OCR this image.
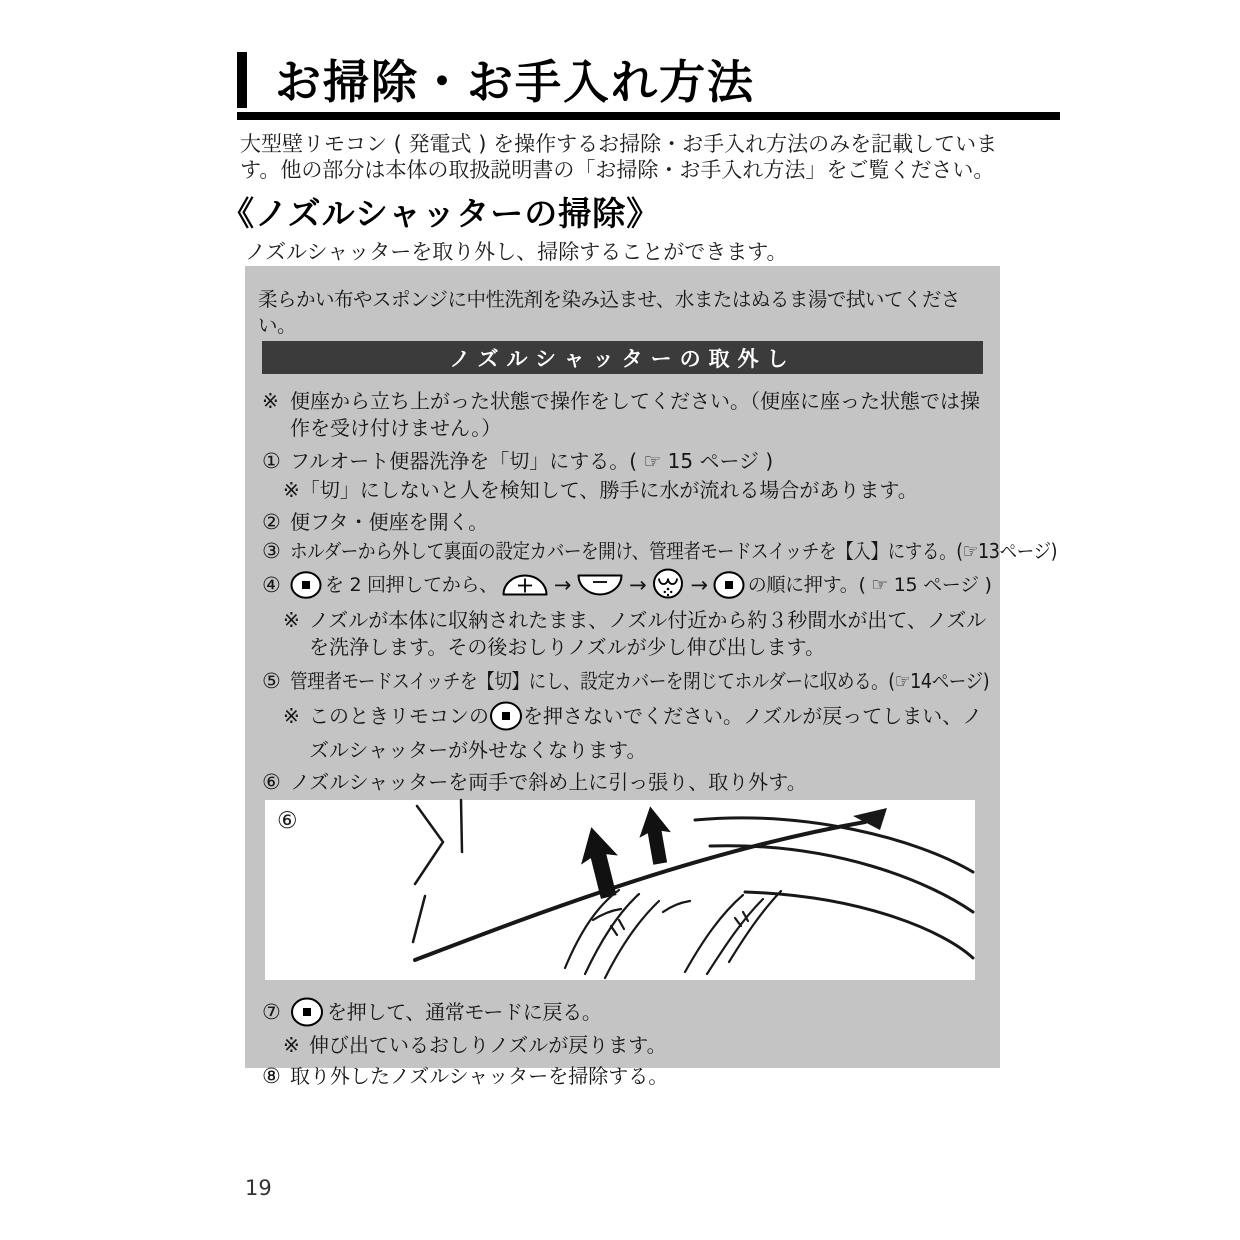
お掃除・お手入れ方法
大型壁リモコン ( 発電式 ) を操作するお掃除・お手入れ方法のみを記載しています。他の部分は本体の取扱説明書の「お掃除・お手入れ方法」をご覧ください。
《ノズルシャッターの掃除》
ノズルシャッターを取り外し、掃除することができます。
柔らかい布やスポンジに中性洗剤を染み込ませ、水またはぬるま湯で拭いてください。
ノズルシャッターの取外し
※ 便座から立ち上がった状態で操作をしてください。（便座に座った状態では操作を受け付けません。）
① フルオート便器洗浄を「切」にする。( ☞ 15 ページ )
※ 「切」にしないと人を検知して、勝手に水が流れる場合があります。
② 便フタ・便座を開く。
③ ホルダーから外して裏面の設定カバーを開け、管理者モードスイッチを【入】にする。(☞13ページ)
④	を 2 回押してから、	→	→ → の順に押す。( ☞ 15 ページ )
※ ノズルが本体に収納されたまま、ノズル付近から約３秒間水が出て、ノズルを洗浄します。その後おしりノズルが少し伸び出します。
⑤ 管理者モードスイッチを【切】にし、設定カバーを閉じてホルダーに収める。(☞14ページ)
※ このときリモコンの を押さないでください。ノズルが戻ってしまい、ノズルシャッターが外せなくなります。
⑥ ノズルシャッターを両手で斜め上に引っ張り、取り外す。
⑥
⑦	を押して、通常モードに戻る。
※ 伸び出ているおしりノズルが戻ります。
⑧ 取り外したノズルシャッターを掃除する。
19
